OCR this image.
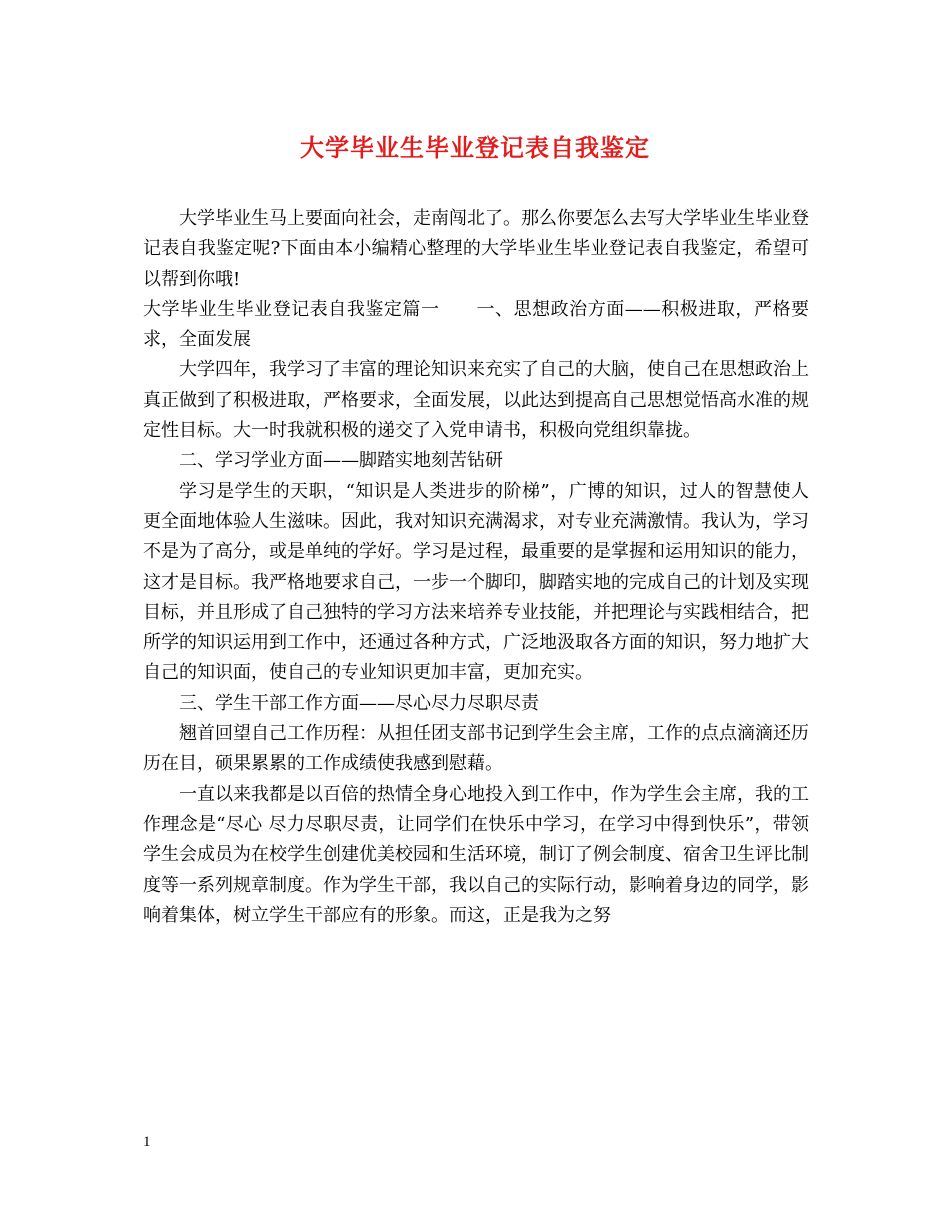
大学毕业生毕业登记表自我鉴定

大学毕业生马上要面向社会，走南闯北了。那么你要怎么去写大学毕业生毕业登记表自我鉴定呢?下面由本小编精心整理的大学毕业生毕业登记表自我鉴定，希望可以帮到你哦!

大学毕业生毕业登记表自我鉴定篇一　　一、思想政治方面——积极进取，严格要求，全面发展

大学四年，我学习了丰富的理论知识来充实了自己的大脑，使自己在思想政治上真正做到了积极进取，严格要求，全面发展，以此达到提高自己思想觉悟高水准的规定性目标。大一时我就积极的递交了入党申请书，积极向党组织靠拢。

二、学习学业方面——脚踏实地刻苦钻研

学习是学生的天职，“知识是人类进步的阶梯”，广博的知识，过人的智慧使人更全面地体验人生滋味。因此，我对知识充满渴求，对专业充满激情。我认为，学习不是为了高分，或是单纯的学好。学习是过程，最重要的是掌握和运用知识的能力，这才是目标。我严格地要求自己，一步一个脚印，脚踏实地的完成自己的计划及实现目标，并且形成了自己独特的学习方法来培养专业技能，并把理论与实践相结合，把所学的知识运用到工作中，还通过各种方式，广泛地汲取各方面的知识，努力地扩大自己的知识面，使自己的专业知识更加丰富，更加充实。

三、学生干部工作方面——尽心尽力尽职尽责

翘首回望自己工作历程：从担任团支部书记到学生会主席，工作的点点滴滴还历历在目，硕果累累的工作成绩使我感到慰藉。

一直以来我都是以百倍的热情全身心地投入到工作中，作为学生会主席，我的工作理念是“尽心 尽力尽职尽责，让同学们在快乐中学习，在学习中得到快乐”，带领学生会成员为在校学生创建优美校园和生活环境，制订了例会制度、宿舍卫生评比制度等一系列规章制度。作为学生干部，我以自己的实际行动，影响着身边的同学，影响着集体，树立学生干部应有的形象。而这，正是我为之努

1
